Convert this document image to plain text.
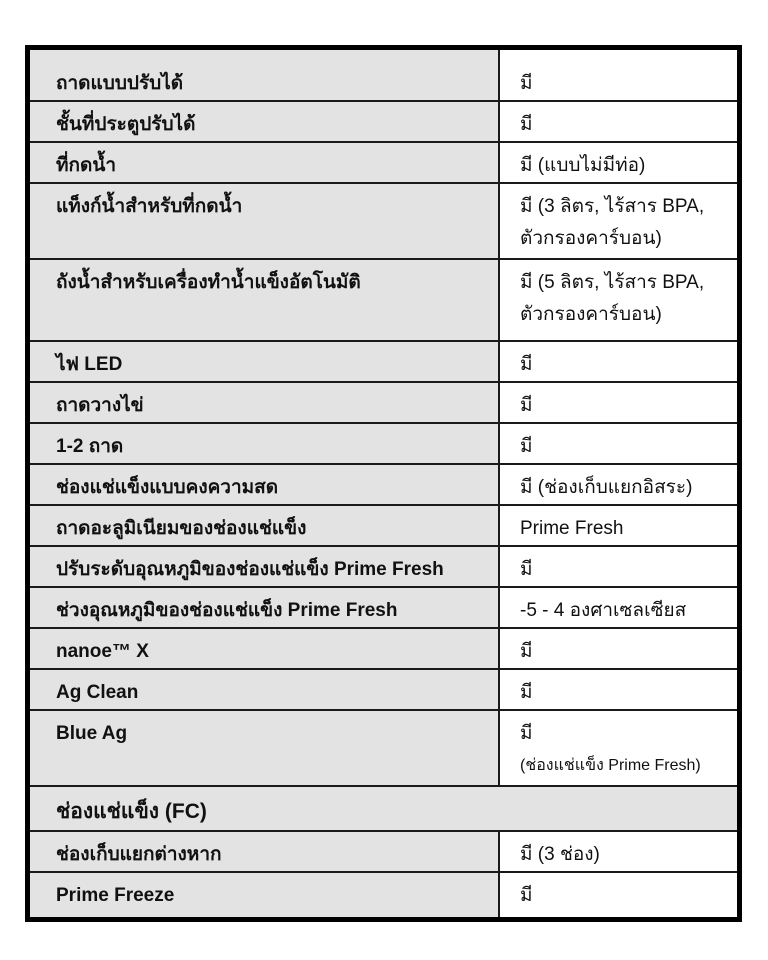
ถาดแบบปรับได้	มี

ชั้นที่ประตูปรับได้	มี

ที่กดน้ำ	มี (แบบไม่มีท่อ)

แท็งก์น้ำสำหรับที่กดน้ำ	มี (3 ลิตร, ไร้สาร BPA,
ตัวกรองคาร์บอน)

ถังน้ำสำหรับเครื่องทำน้ำแข็งอัตโนมัติ	มี (5 ลิตร, ไร้สาร BPA,
ตัวกรองคาร์บอน)

ไฟ LED	มี

ถาดวางไข่	มี

1-2 ถาด	มี

ช่องแช่แข็งแบบคงความสด	มี (ช่องเก็บแยกอิสระ)

ถาดอะลูมิเนียมของช่องแช่แข็ง	Prime Fresh

ปรับระดับอุณหภูมิของช่องแช่แข็ง Prime Fresh	มี

ช่วงอุณหภูมิของช่องแช่แข็ง Prime Fresh	-5 - 4 องศาเซลเซียส

nanoe™ X	มี

Ag Clean	มี

Blue Ag	มี
(ช่องแช่แข็ง Prime Fresh)

ช่องแช่แข็ง (FC)	
ช่องเก็บแยกต่างหาก	มี (3 ช่อง)

Prime Freeze	มี
